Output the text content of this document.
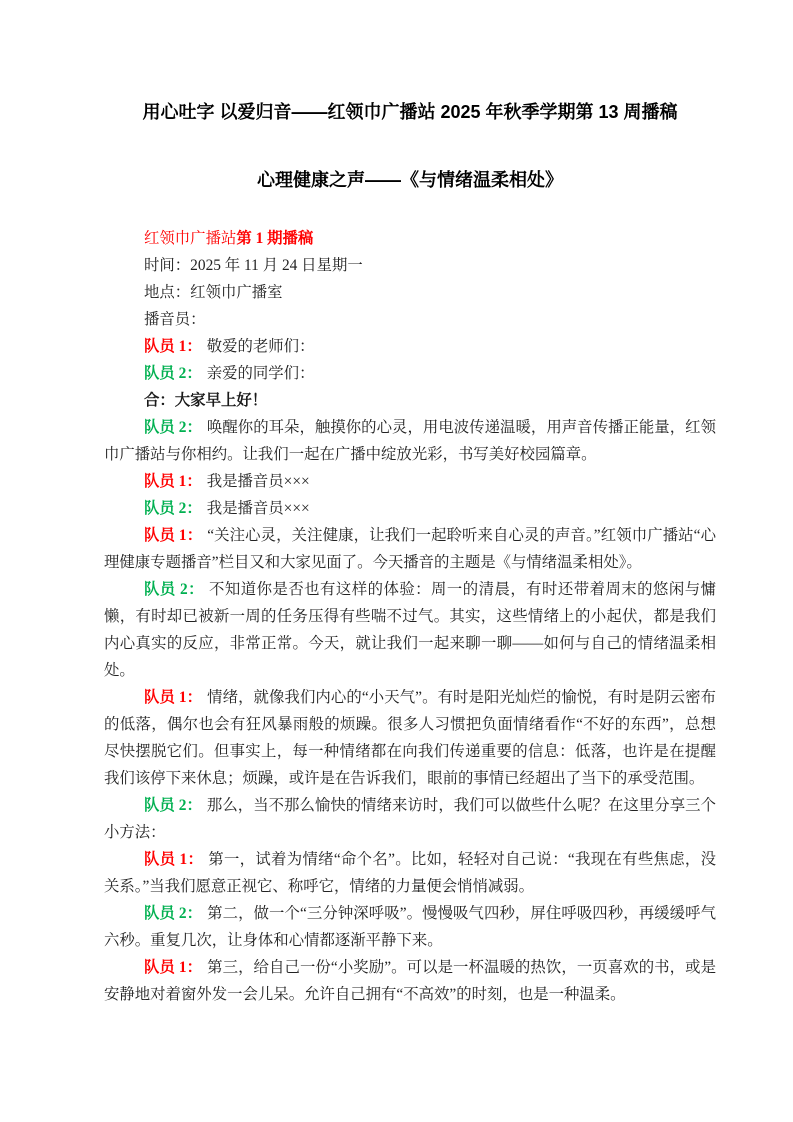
用心吐字 以爱归音——红领巾广播站 2025 年秋季学期第 13 周播稿
心理健康之声——《与情绪温柔相处》

红领巾广播站第 1 期播稿

时间：2025 年 11 月 24 日星期一

地点：红领巾广播室

播音员：

队员 1： 敬爱的老师们：

队员 2： 亲爱的同学们：

合：大家早上好！

队员 2： 唤醒你的耳朵，触摸你的心灵，用电波传递温暖，用声音传播正能量，红领巾广播站与你相约。让我们一起在广播中绽放光彩，书写美好校园篇章。

队员 1： 我是播音员×××

队员 2： 我是播音员×××

队员 1： “关注心灵，关注健康，让我们一起聆听来自心灵的声音。”红领巾广播站“心理健康专题播音”栏目又和大家见面了。今天播音的主题是《与情绪温柔相处》。

队员 2： 不知道你是否也有这样的体验：周一的清晨，有时还带着周末的悠闲与慵懒，有时却已被新一周的任务压得有些喘不过气。其实，这些情绪上的小起伏，都是我们内心真实的反应，非常正常。今天，就让我们一起来聊一聊——如何与自己的情绪温柔相处。

队员 1： 情绪，就像我们内心的“小天气”。有时是阳光灿烂的愉悦，有时是阴云密布的低落，偶尔也会有狂风暴雨般的烦躁。很多人习惯把负面情绪看作“不好的东西”，总想尽快摆脱它们。但事实上，每一种情绪都在向我们传递重要的信息：低落，也许是在提醒我们该停下来休息；烦躁，或许是在告诉我们，眼前的事情已经超出了当下的承受范围。

队员 2： 那么，当不那么愉快的情绪来访时，我们可以做些什么呢？在这里分享三个小方法：

队员 1： 第一，试着为情绪“命个名”。比如，轻轻对自己说：“我现在有些焦虑，没关系。”当我们愿意正视它、称呼它，情绪的力量便会悄悄减弱。

队员 2： 第二，做一个“三分钟深呼吸”。慢慢吸气四秒，屏住呼吸四秒，再缓缓呼气六秒。重复几次，让身体和心情都逐渐平静下来。

队员 1： 第三，给自己一份“小奖励”。可以是一杯温暖的热饮，一页喜欢的书，或是安静地对着窗外发一会儿呆。允许自己拥有“不高效”的时刻，也是一种温柔。
